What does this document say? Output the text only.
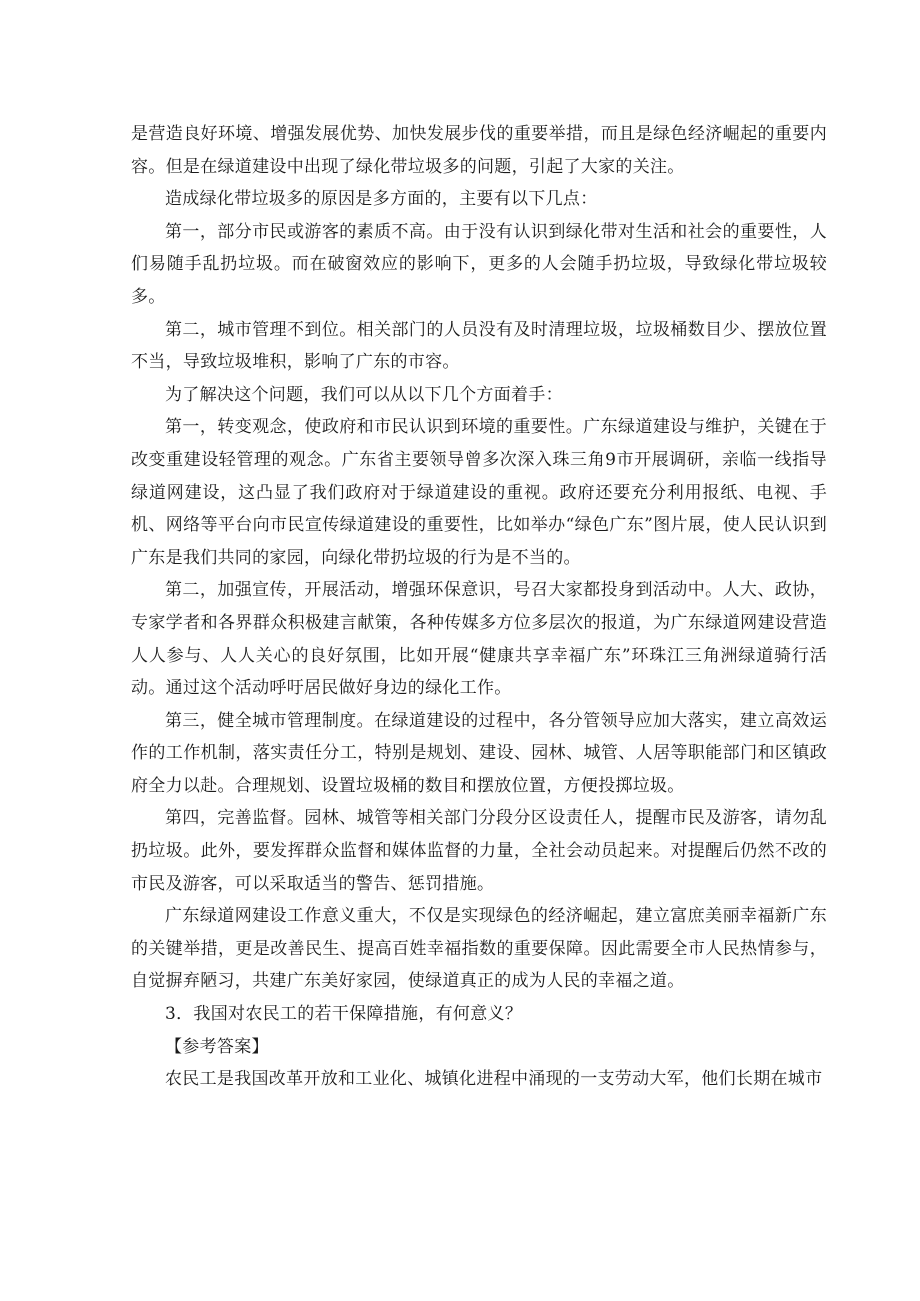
是营造良好环境、增强发展优势、加快发展步伐的重要举措，而且是绿色经济崛起的重要内容。但是在绿道建设中出现了绿化带垃圾多的问题，引起了大家的关注。

造成绿化带垃圾多的原因是多方面的，主要有以下几点：

第一，部分市民或游客的素质不高。由于没有认识到绿化带对生活和社会的重要性，人们易随手乱扔垃圾。而在破窗效应的影响下，更多的人会随手扔垃圾，导致绿化带垃圾较多。

第二，城市管理不到位。相关部门的人员没有及时清理垃圾，垃圾桶数目少、摆放位置不当，导致垃圾堆积，影响了广东的市容。

为了解决这个问题，我们可以从以下几个方面着手：

第一，转变观念，使政府和市民认识到环境的重要性。广东绿道建设与维护，关键在于改变重建设轻管理的观念。广东省主要领导曾多次深入珠三角9市开展调研，亲临一线指导绿道网建设，这凸显了我们政府对于绿道建设的重视。政府还要充分利用报纸、电视、手机、网络等平台向市民宣传绿道建设的重要性，比如举办“绿色广东”图片展，使人民认识到广东是我们共同的家园，向绿化带扔垃圾的行为是不当的。

第二，加强宣传，开展活动，增强环保意识，号召大家都投身到活动中。人大、政协，专家学者和各界群众积极建言献策，各种传媒多方位多层次的报道，为广东绿道网建设营造人人参与、人人关心的良好氛围，比如开展“健康共享幸福广东”环珠江三角洲绿道骑行活动。通过这个活动呼吁居民做好身边的绿化工作。

第三，健全城市管理制度。在绿道建设的过程中，各分管领导应加大落实，建立高效运作的工作机制，落实责任分工，特别是规划、建设、园林、城管、人居等职能部门和区镇政府全力以赴。合理规划、设置垃圾桶的数目和摆放位置，方便投掷垃圾。

第四，完善监督。园林、城管等相关部门分段分区设责任人，提醒市民及游客，请勿乱扔垃圾。此外，要发挥群众监督和媒体监督的力量，全社会动员起来。对提醒后仍然不改的市民及游客，可以采取适当的警告、惩罚措施。

广东绿道网建设工作意义重大，不仅是实现绿色的经济崛起，建立富庶美丽幸福新广东的关键举措，更是改善民生、提高百姓幸福指数的重要保障。因此需要全市人民热情参与，自觉摒弃陋习，共建广东美好家园，使绿道真正的成为人民的幸福之道。

3．我国对农民工的若干保障措施，有何意义？

【参考答案】

农民工是我国改革开放和工业化、城镇化进程中涌现的一支劳动大军，他们长期在城市
